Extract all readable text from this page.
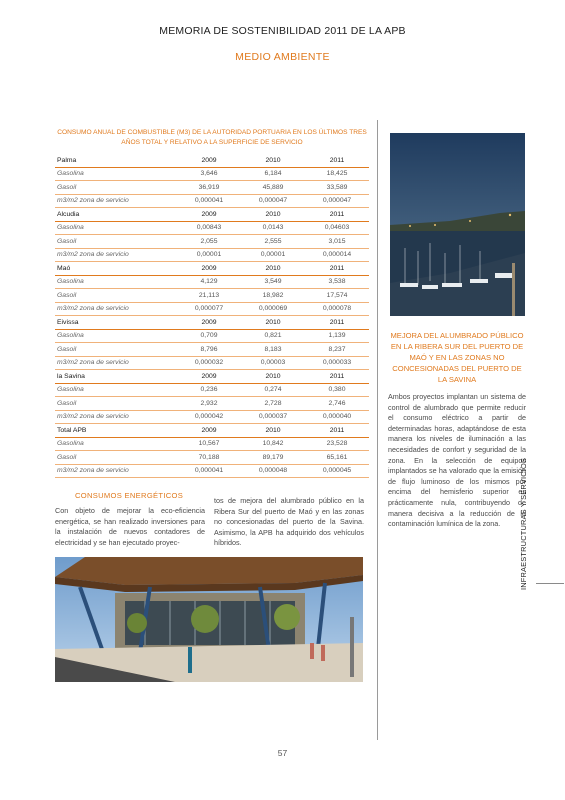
MEMORIA DE SOSTENIBILIDAD 2011 DE LA APB
MEDIO AMBIENTE
CONSUMO ANUAL DE COMBUSTIBLE (M3) DE LA AUTORIDAD PORTUARIA EN LOS ÚLTIMOS TRES AÑOS TOTAL Y RELATIVO A LA SUPERFICIE DE SERVICIO
Palma	2009	2010	2011
Gasolina	3,646	6,184	18,425
Gasoil	36,919	45,889	33,589
m3/m2 zona de servicio	0,000041	0,000047	0,000047
Alcudia	2009	2010	2011
Gasolina	0,00843	0,0143	0,04603
Gasoil	2,055	2,555	3,015
m3/m2 zona de servicio	0,00001	0,00001	0,000014
Maó	2009	2010	2011
Gasolina	4,129	3,549	3,538
Gasoil	21,113	18,982	17,574
m3/m2 zona de servicio	0,000077	0,000069	0,000078
Eivissa	2009	2010	2011
Gasolina	0,709	0,821	1,139
Gasoil	8,796	8,183	8,237
m3/m2 zona de servicio	0,000032	0,00003	0,000033
la Savina	2009	2010	2011
Gasolina	0,236	0,274	0,380
Gasoil	2,932	2,728	2,746
m3/m2 zona de servicio	0,000042	0,000037	0,000040
Total APB	2009	2010	2011
Gasolina	10,567	10,842	23,528
Gasoil	70,188	89,179	65,161
m3/m2 zona de servicio	0,000041	0,000048	0,000045
CONSUMOS ENERGÉTICOS
Con objeto de mejorar la eco-eficiencia energética, se han realizado inversiones para la instalación de nuevos contadores de electricidad y se han ejecutado proyec-
tos de mejora del alumbrado público en la Ribera Sur del puerto de Maó y en las zonas no concesionadas del puerto de la Savina. Asimismo, la APB ha adquirido dos vehículos híbridos.
MEJORA DEL ALUMBRADO PÚBLICO EN LA RIBERA SUR DEL PUERTO DE MAÓ Y EN LAS ZONAS NO CONCESIONADAS DEL PUERTO DE LA SAVINA
Ambos proyectos implantan un sistema de control de alumbrado que permite reducir el consumo eléctrico a partir de determinadas horas, adaptándose de esta manera los niveles de iluminación a las necesidades de confort y seguridad de la zona. En la selección de equipos implantados se ha valorado que la emisión de flujo luminoso de los mismos por encima del hemisferio superior es prácticamente nula, contribuyendo de manera decisiva a la reducción de la contaminación lumínica de la zona.	INFRAESTRUCTURAS Y SERVICIOS
57
